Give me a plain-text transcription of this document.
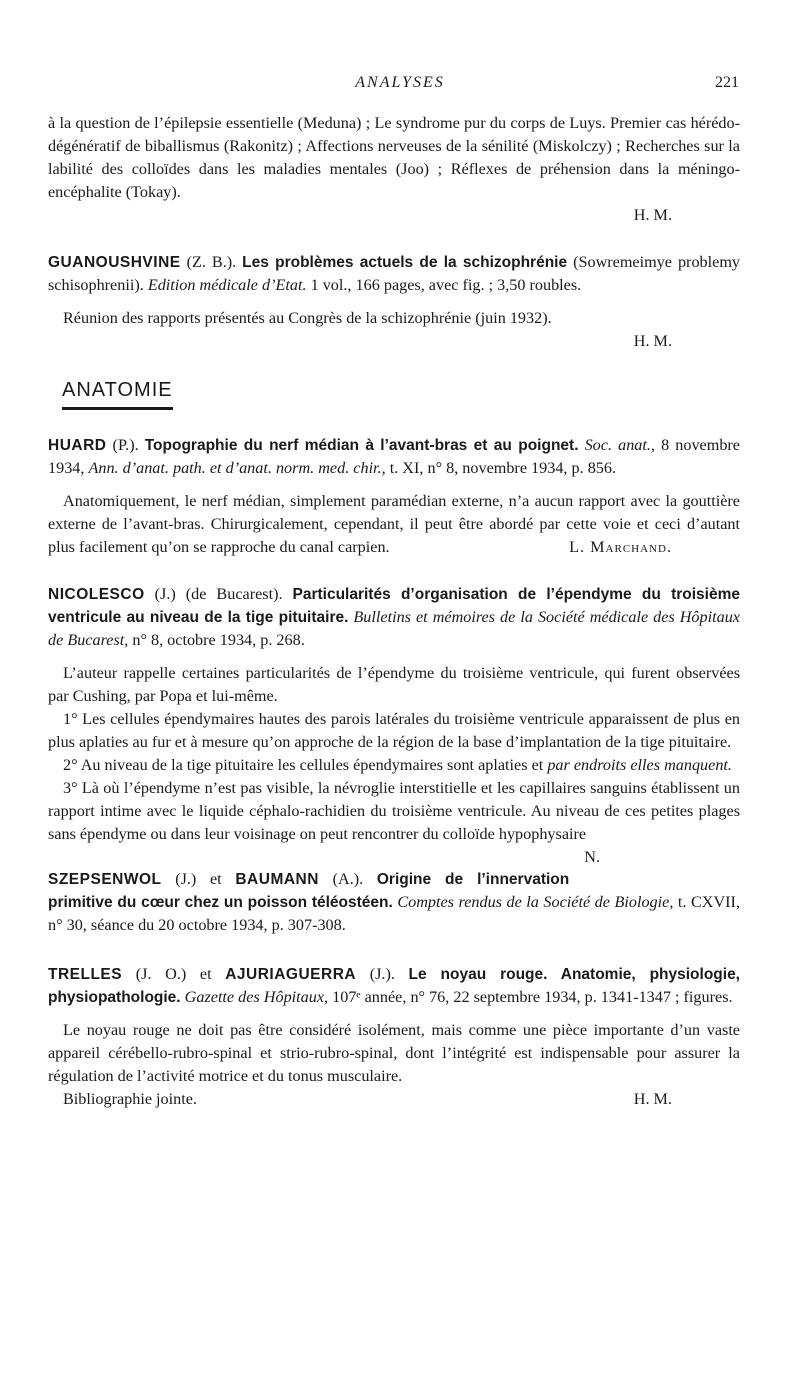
ANALYSES	221

à la question de l’épilepsie essentielle (Meduna) ; Le syndrome pur du corps de Luys. Premier cas hérédo-dégénératif de biballismus (Rakonitz) ; Affections nerveuses de la sénilité (Miskolczy) ; Recherches sur la labilité des colloïdes dans les maladies mentales (Joo) ; Réflexes de préhension dans la méningo-encéphalite (Tokay).

H. M.

GUANOUSHVINE (Z. B.). Les problèmes actuels de la schizophrénie (Sowremeimye problemy schisophrenii). Edition médicale d’Etat. 1 vol., 166 pages, avec fig. ; 3,50 roubles.

Réunion des rapports présentés au Congrès de la schizophrénie (juin 1932).

H. M.
ANATOMIE

HUARD (P.). Topographie du nerf médian à l’avant-bras et au poignet. Soc. anat., 8 novembre 1934, Ann. d’anat. path. et d’anat. norm. med. chir., t. XI, n° 8, novembre 1934, p. 856.

Anatomiquement, le nerf médian, simplement paramédian externe, n’a aucun rapport avec la gouttière externe de l’avant-bras. Chirurgicalement, cependant, il peut être abordé par cette voie et ceci d’autant plus facilement qu’on se rapproche du canal carpien.	L. Marchand.

NICOLESCO (J.) (de Bucarest). Particularités d’organisation de l’épendyme du troisième ventricule au niveau de la tige pituitaire. Bulletins et mémoires de la Société médicale des Hôpitaux de Bucarest, n° 8, octobre 1934, p. 268.

L’auteur rappelle certaines particularités de l’épendyme du troisième ventricule, qui furent observées par Cushing, par Popa et lui-même.

1° Les cellules épendymaires hautes des parois latérales du troisième ventricule apparaissent de plus en plus aplaties au fur et à mesure qu’on approche de la région de la base d’implantation de la tige pituitaire.

2° Au niveau de la tige pituitaire les cellules épendymaires sont aplaties et par endroits elles manquent.

3° Là où l’épendyme n’est pas visible, la névroglie interstitielle et les capillaires sanguins établissent un rapport intime avec le liquide céphalo-rachidien du troisième ventricule. Au niveau de ces petites plages sans épendyme ou dans leur voisinage on peut rencontrer du colloïde hypophysaire
N.

SZEPSENWOL (J.) et BAUMANN (A.). Origine de l’innervation primitive du cœur chez un poisson téléostéen. Comptes rendus de la Société de Biologie, t. CXVII, n° 30, séance du 20 octobre 1934, p. 307-308.

TRELLES (J. O.) et AJURIAGUERRA (J.). Le noyau rouge. Anatomie, physiologie, physiopathologie. Gazette des Hôpitaux, 107ᵉ année, n° 76, 22 septembre 1934, p. 1341-1347 ; figures.

Le noyau rouge ne doit pas être considéré isolément, mais comme une pièce importante d’un vaste appareil cérébello-rubro-spinal et strio-rubro-spinal, dont l’intégrité est indispensable pour assurer la régulation de l’activité motrice et du tonus musculaire.

Bibliographie jointe.	H. M.
